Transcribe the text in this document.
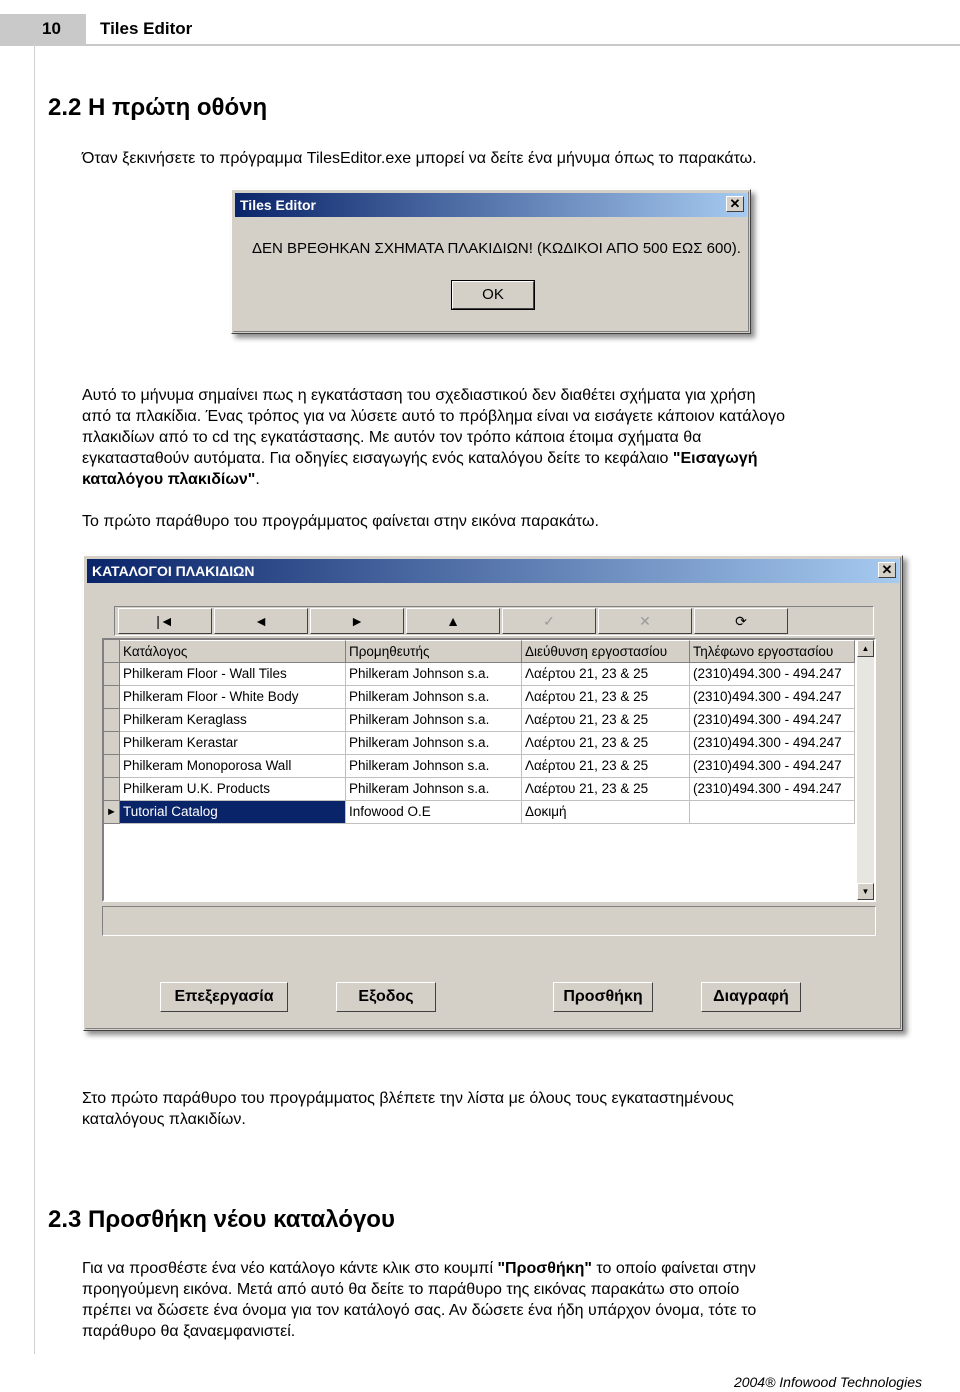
10	Tiles Editor
2.2 Η πρώτη οθόνη
Όταν ξεκινήσετε το πρόγραμμα TilesEditor.exe μπορεί να δείτε ένα μήνυμα όπως το παρακάτω.
Tiles Editor	✕
ΔΕΝ ΒΡΕΘΗΚΑΝ ΣΧΗΜΑΤΑ ΠΛΑΚΙΔΙΩΝ! (ΚΩΔΙΚΟΙ ΑΠΟ 500 ΕΩΣ 600).
OK
Αυτό το μήνυμα σημαίνει πως η εγκατάσταση του σχεδιαστικού δεν διαθέτει σχήματα για χρήση
από τα πλακίδια. Ένας τρόπος για να λύσετε αυτό το πρόβλημα είναι να εισάγετε κάποιον κατάλογο
πλακιδίων από το cd της εγκατάστασης. Με αυτόν τον τρόπο κάποια έτοιμα σχήματα θα
εγκατασταθούν αυτόματα. Για οδηγίες εισαγωγής ενός καταλόγου δείτε το κεφάλαιο "Εισαγωγή
καταλόγου πλακιδίων".
Το πρώτο παράθυρο του προγράμματος φαίνεται στην εικόνα παρακάτω.
ΚΑΤΑΛΟΓΟΙ ΠΛΑΚΙΔΙΩΝ	✕
|◄	◄	►	▲	✓	✕	⟳
Κατάλογος	Προμηθευτής	Διεύθυνση εργοστασίου	Τηλέφωνο εργοστασίου
Philkeram Floor - Wall Tiles	Philkeram Johnson s.a.	Λαέρτου 21, 23 & 25	(2310)494.300 - 494.247
Philkeram Floor - White Body	Philkeram Johnson s.a.	Λαέρτου 21, 23 & 25	(2310)494.300 - 494.247
Philkeram Keraglass	Philkeram Johnson s.a.	Λαέρτου 21, 23 & 25	(2310)494.300 - 494.247
Philkeram Kerastar	Philkeram Johnson s.a.	Λαέρτου 21, 23 & 25	(2310)494.300 - 494.247
Philkeram Monoporosa Wall	Philkeram Johnson s.a.	Λαέρτου 21, 23 & 25	(2310)494.300 - 494.247
Philkeram U.K. Products	Philkeram Johnson s.a.	Λαέρτου 21, 23 & 25	(2310)494.300 - 494.247
► Tutorial Catalog	Infowood O.E	Δοκιμή
▲
▼
Επεξεργασία	Εξοδος	Προσθήκη	Διαγραφή
Στο πρώτο παράθυρο του προγράμματος βλέπετε την λίστα με όλους τους εγκαταστημένους
καταλόγους πλακιδίων.
2.3 Προσθήκη νέου καταλόγου
Για να προσθέστε ένα νέο κατάλογο κάντε κλικ στο κουμπί "Προσθήκη" το οποίο φαίνεται στην
προηγούμενη εικόνα. Μετά από αυτό θα δείτε το παράθυρο της εικόνας παρακάτω στο οποίο
πρέπει να δώσετε ένα όνομα για τον κατάλογό σας. Αν δώσετε ένα ήδη υπάρχον όνομα, τότε το
παράθυρο θα ξαναεμφανιστεί.
2004® Infowood Technologies
